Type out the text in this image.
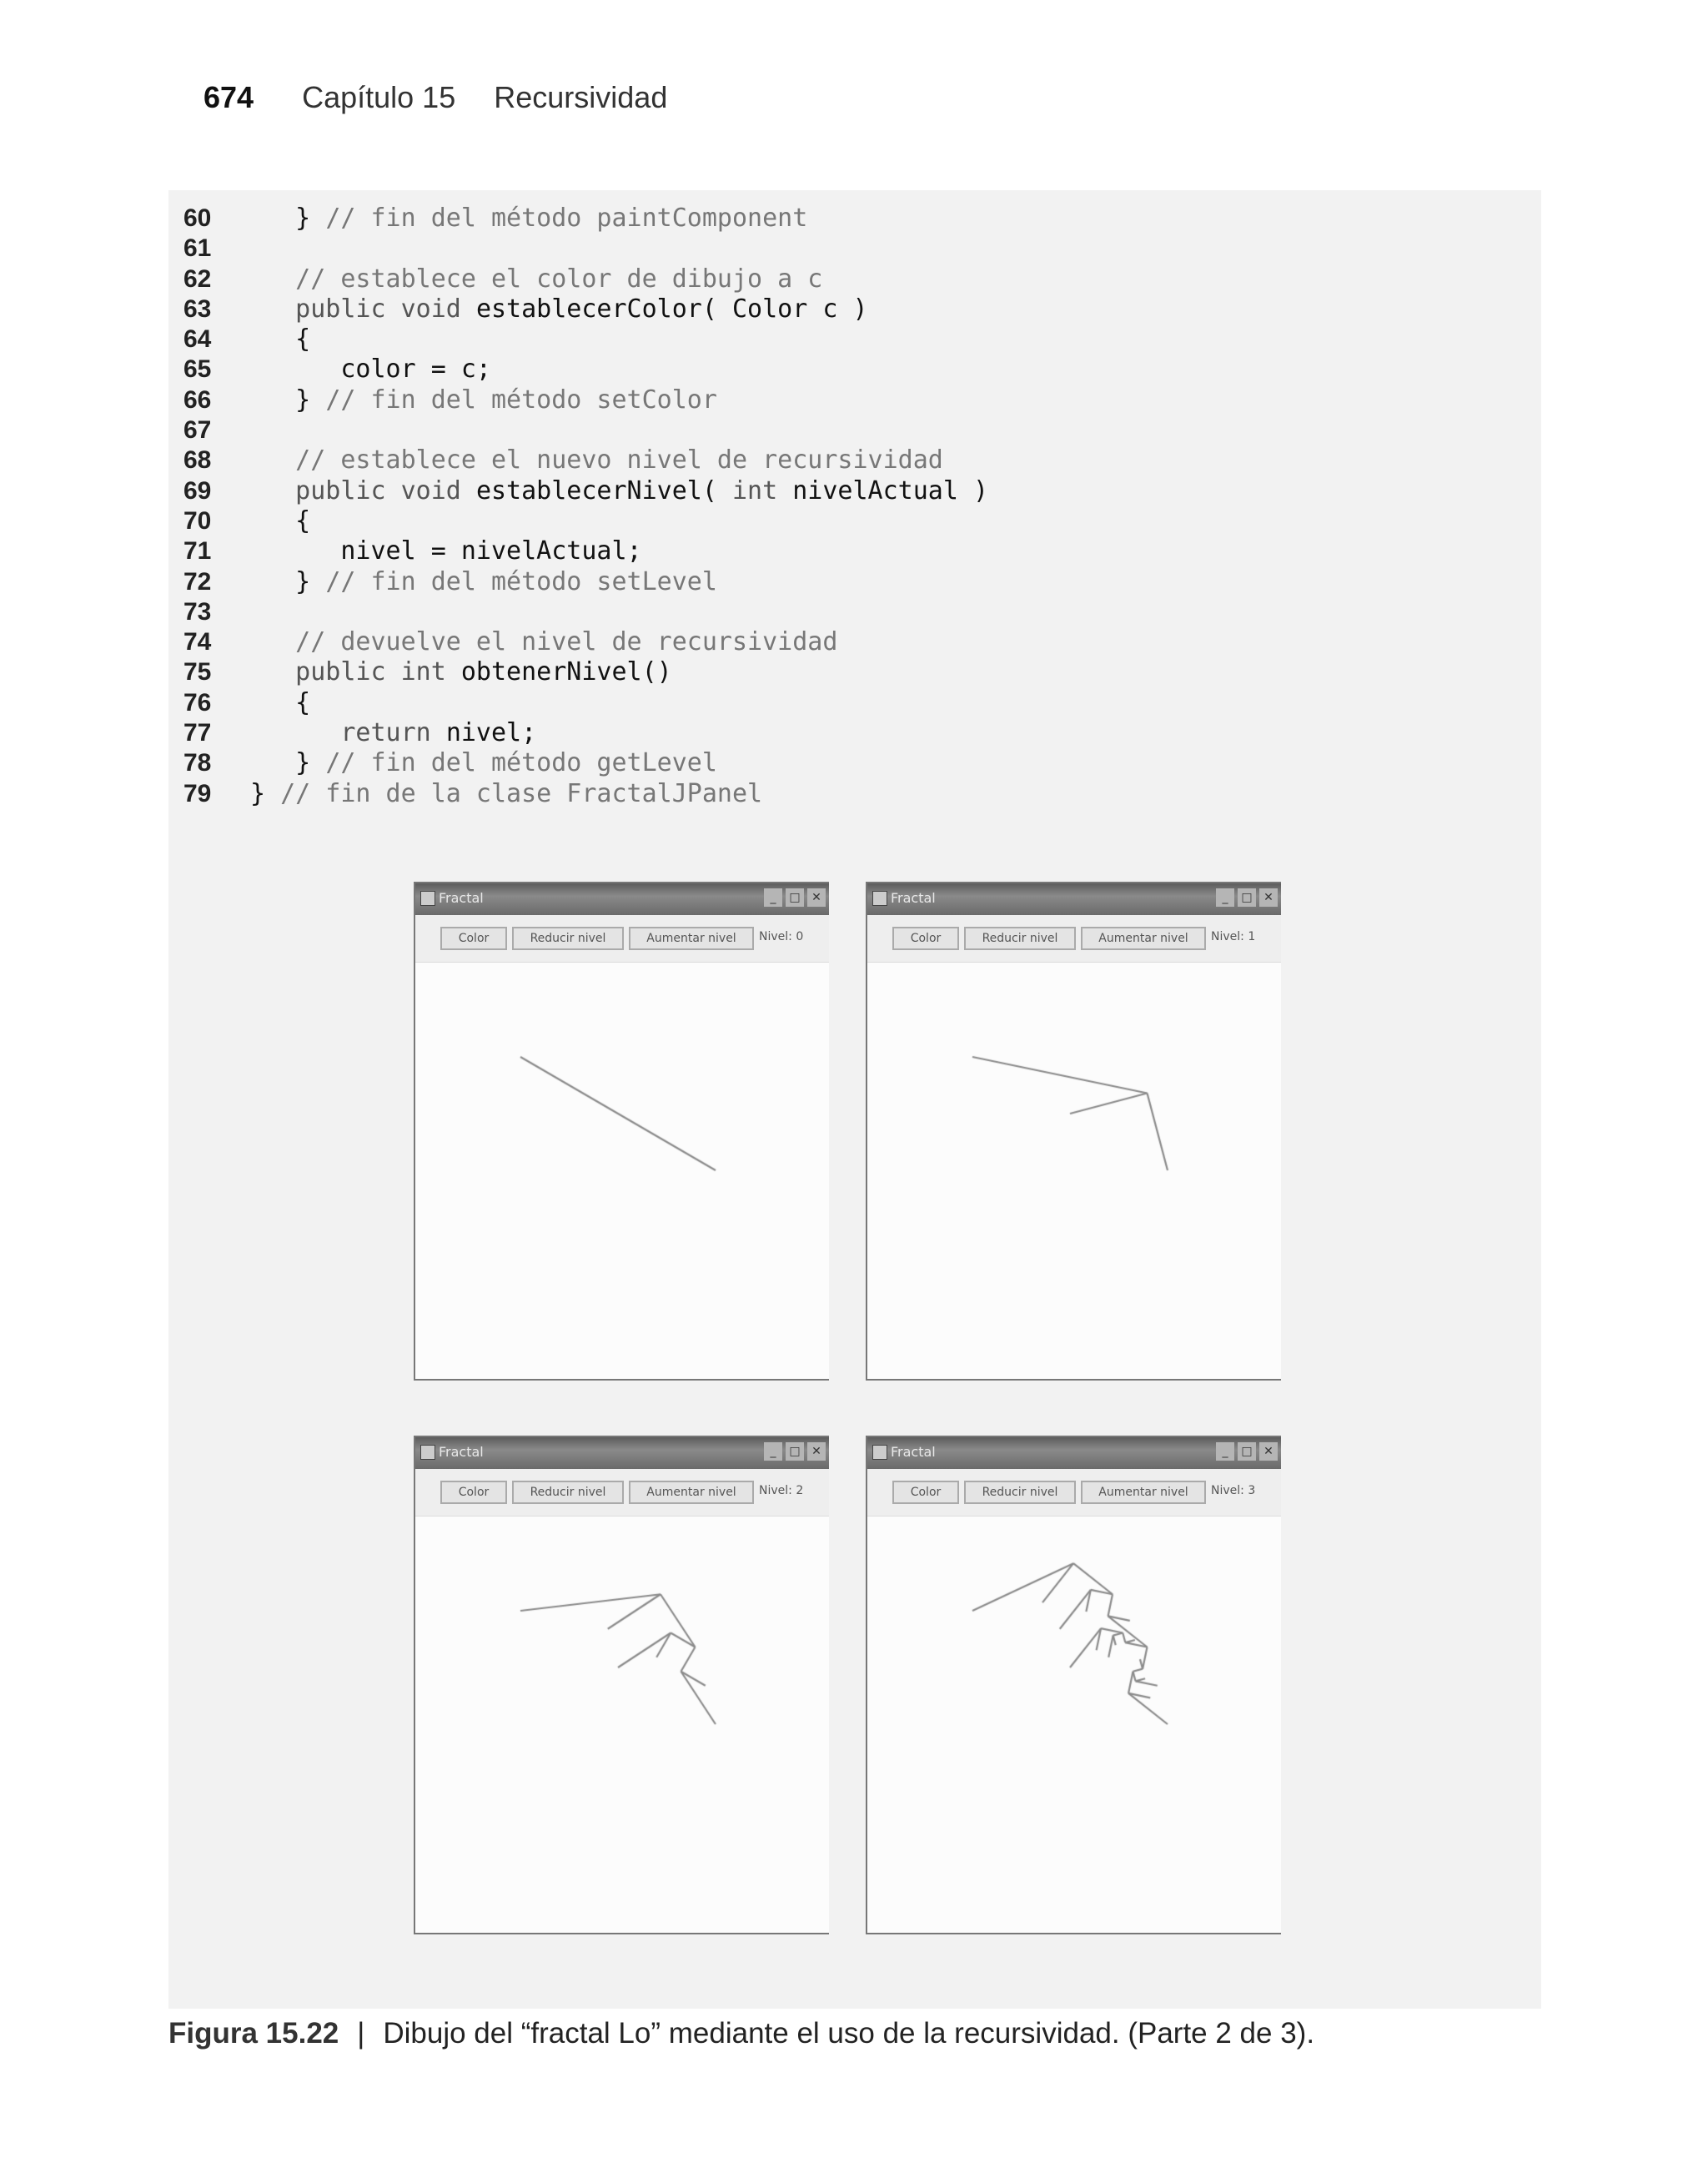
674 Capítulo 15 Recursividad
60	} // fin del método paintComponent
61
62	// establece el color de dibujo a c
63	public void establecerColor( Color c )
64	{
65	color = c;
66	} // fin del método setColor
67
68	// establece el nuevo nivel de recursividad
69	public void establecerNivel( int nivelActual )
70	{
71	nivel = nivelActual;
72	} // fin del método setLevel
73
74	// devuelve el nivel de recursividad
75	public int obtenerNivel()
76	{
77	return nivel;
78	} // fin del método getLevel
79	} // fin de la clase FractalJPanel
Fractal	_	□ ✕
Color	Reducir nivel	Aumentar nivel	Nivel: 0
Fractal	_	□ ✕
Color	Reducir nivel	Aumentar nivel	Nivel: 1
Fractal	_	□ ✕
Color	Reducir nivel	Aumentar nivel	Nivel: 2
Fractal	_	□ ✕
Color	Reducir nivel	Aumentar nivel	Nivel: 3
Figura 15.22 | Dibujo del “fractal Lo” mediante el uso de la recursividad. (Parte 2 de 3).
